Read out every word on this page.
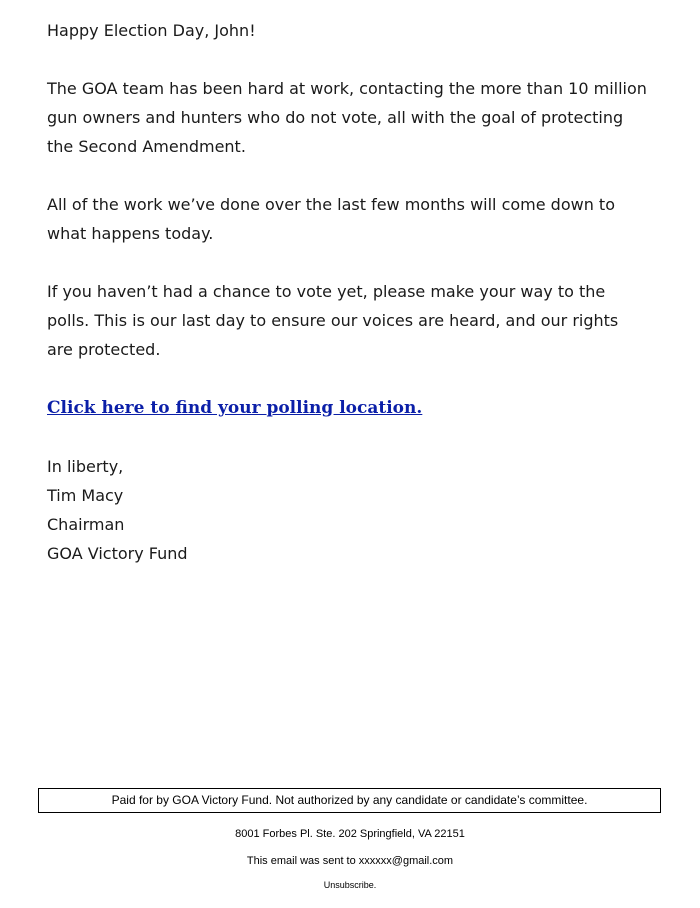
Happy Election Day, John!

The GOA team has been hard at work, contacting the more than 10 million gun owners and hunters who do not vote, all with the goal of protecting the Second Amendment.

All of the work we’ve done over the last few months will come down to what happens today.

If you haven’t had a chance to vote yet, please make your way to the polls. This is our last day to ensure our voices are heard, and our rights are protected.

Click here to find your polling location.

In liberty,

Tim Macy

Chairman

GOA Victory Fund

Paid for by GOA Victory Fund. Not authorized by any candidate or candidate’s committee.
8001 Forbes Pl. Ste. 202 Springfield, VA 22151
This email was sent to xxxxxx@gmail.com
Unsubscribe.
